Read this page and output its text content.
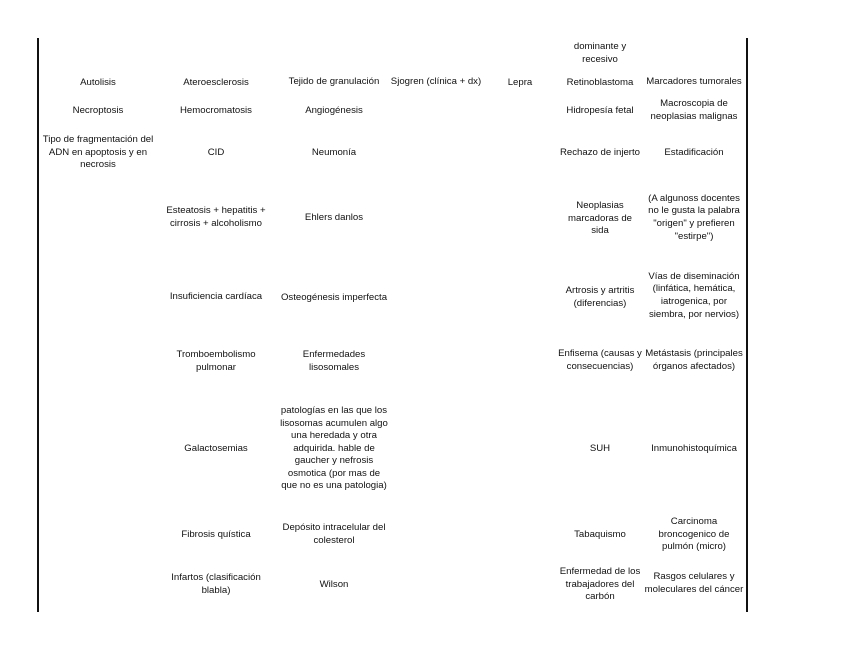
Autolisis
Necroptosis
Tipo de fragmentación del ADN en apoptosis y en necrosis
Ateroesclerosis
Hemocromatosis
CID
Esteatosis + hepatitis + cirrosis + alcoholismo
Insuficiencia cardíaca
Tromboembolismo pulmonar
Galactosemias
Fibrosis quística
Infartos (clasificación blabla)
Tejido de granulación
Angiogénesis
Neumonía
Ehlers danlos
Osteogénesis imperfecta
Enfermedades lisosomales
patologías en las que los lisosomas acumulen algo una heredada y otra adquirida. hable de gaucher y nefrosis osmotica (por mas de que no es una patologia)
Depósito intracelular del colesterol
Wilson
Sjogren (clínica + dx)	Lepra
dominante y recesivo
Retinoblastoma
Hidropesía fetal
Rechazo de injerto
Neoplasias marcadoras de sida
Artrosis y artritis (diferencias)
Enfisema (causas y consecuencias)
SUH
Tabaquismo
Enfermedad de los trabajadores del carbón
Marcadores tumorales
Macroscopia de neoplasias malignas
Estadificación
(A algunoss docentes no le gusta la palabra "origen" y prefieren "estirpe")
Vías de diseminación (linfática, hemática, iatrogenica, por siembra, por nervios)
Metástasis (principales órganos afectados)
Inmunohistoquímica
Carcinoma broncogenico de pulmón (micro)
Rasgos celulares y moleculares del cáncer
